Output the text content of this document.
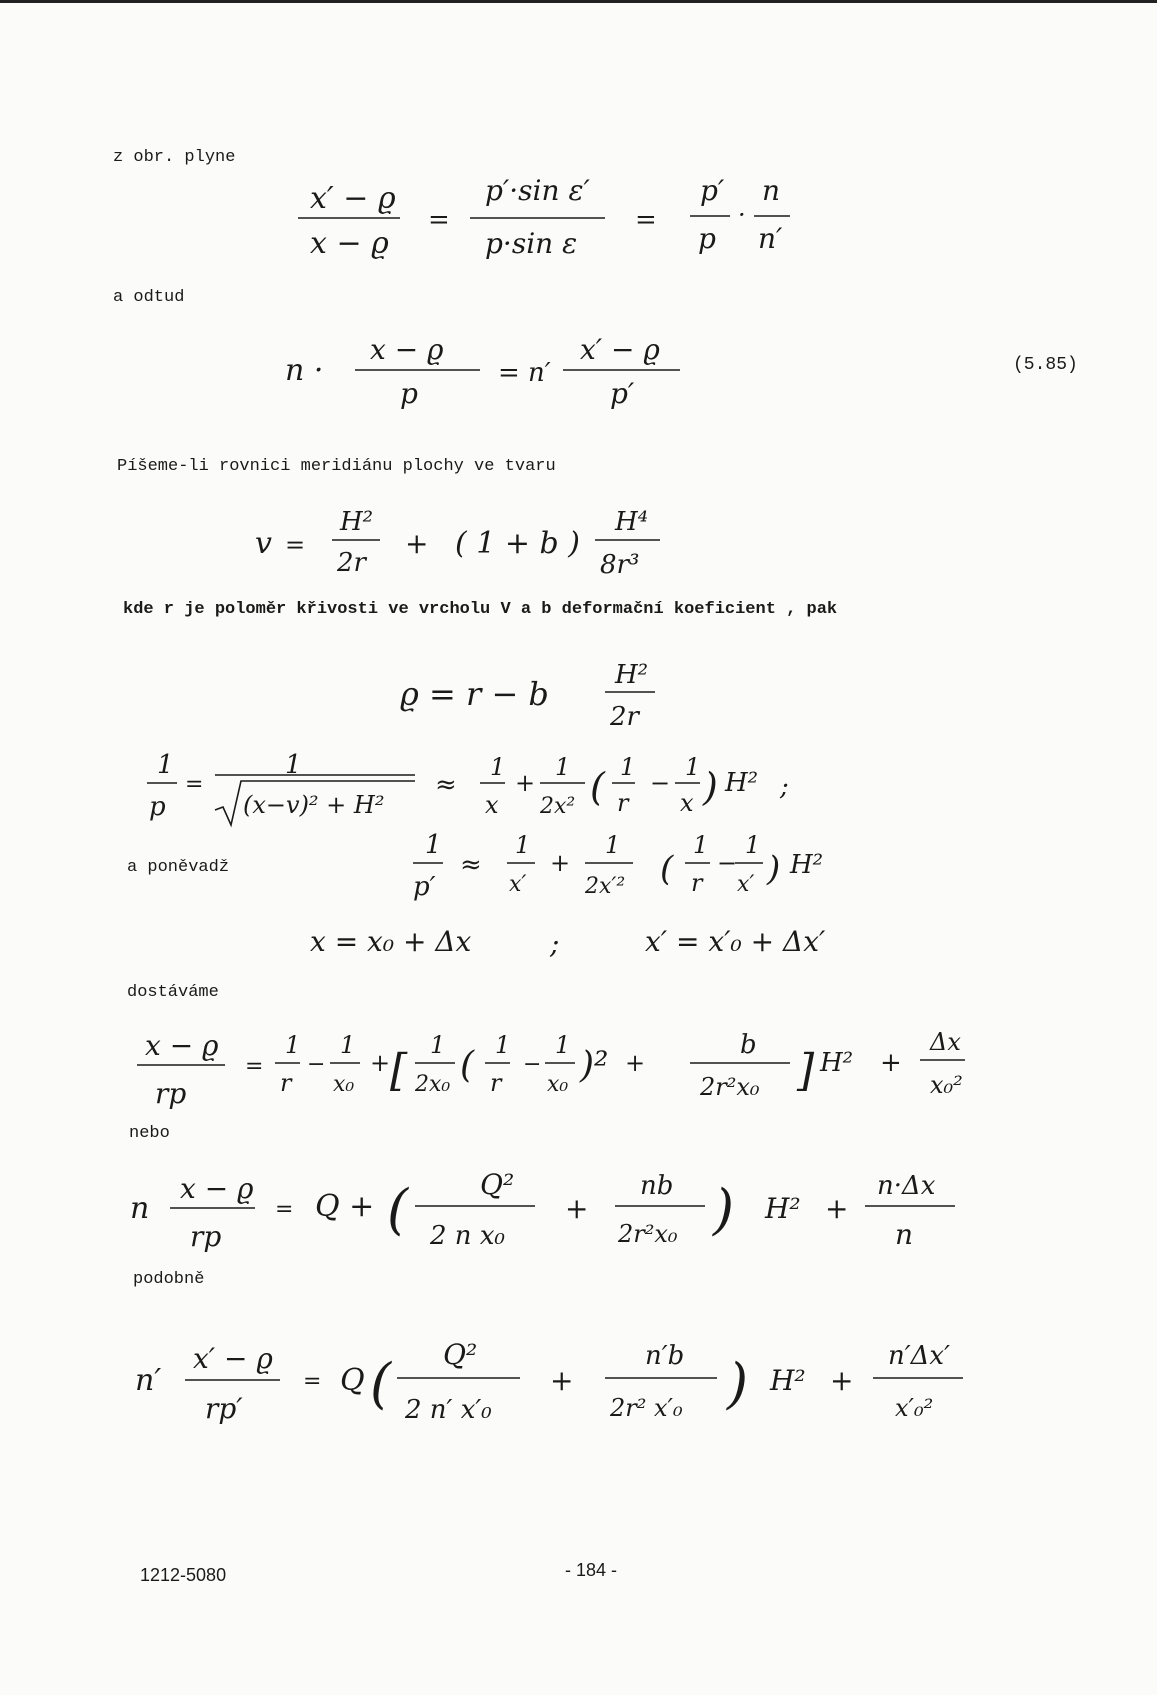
z obr. plyne
a odtud
Píšeme-li rovnici meridiánu plochy ve tvaru
kde r je poloměr křivosti ve vrcholu V a b deformační koeficient , pak
a poněvadž
dostáváme
nebo
podobně
(5.85)
x′ − ϱ
x − ϱ
=
p′·sin ε′
p·sin ε
=
p′
p
·
n
n′
n ·
x − ϱ
p
= n′
x′ − ϱ
p′
v =
H²
2r
+ ( 1 + b )
H⁴
8r³
ϱ = r − b	H²
2r
1
p
=
1
(x−v)² + H²
≈
1
x
+
1
2x² ( 1
r
−
1
x ) H² ;
1
p′
≈
1
x′
+
1
2x′² (
1
r
−
1
x′ ) H²
x = x₀ + Δx	;	x′ = x′₀ + Δx′
x − ϱ
rp
=
1
r
−
1
x₀
+ [ 1
2x₀ ( 1
r
−
1
x₀ )² +
b
2r²x₀ ] H² +
Δx
x₀²
n
x − ϱ
rp
= Q + (	Q²
2 n x₀
+
nb
2r²x₀ ) H² +
n·Δx
n
n′
x′ − ϱ
rp′
= Q ( Q²
2 n′ x′₀
+
n′b
2r² x′₀ ) H² +
n′Δx′
x′₀²
1212-5080	- 184 -
